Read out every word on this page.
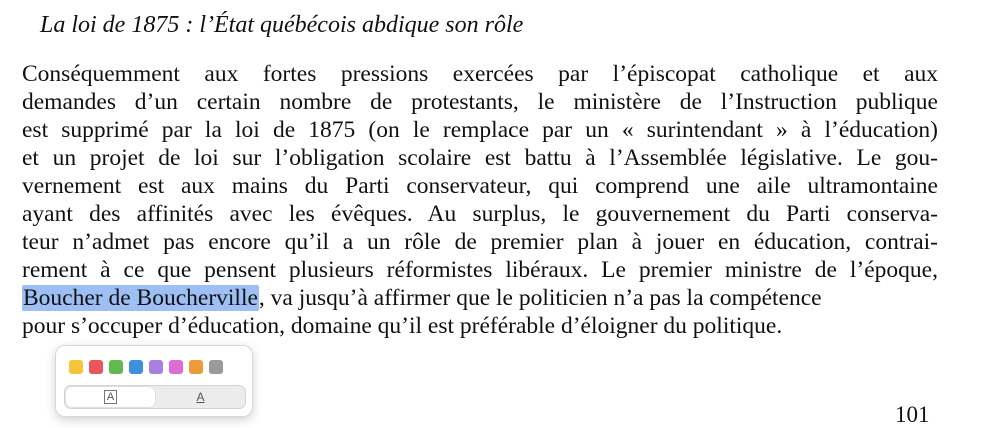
La loi de 1875 : l’État québécois abdique son rôle
Conséquemment aux fortes pressions exercées par l’épiscopat catholique et aux
demandes d’un certain nombre de protestants, le ministère de l’Instruction publique
est supprimé par la loi de 1875 (on le remplace par un « surintendant » à l’éducation)
et un projet de loi sur l’obligation scolaire est battu à l’Assemblée législative. Le gou-
vernement est aux mains du Parti conservateur, qui comprend une aile ultramontaine
ayant des affinités avec les évêques. Au surplus, le gouvernement du Parti conserva-
teur n’admet pas encore qu’il a un rôle de premier plan à jouer en éducation, contrai-
rement à ce que pensent plusieurs réformistes libéraux. Le premier ministre de l’époque,
Boucher de Boucherville, va jusqu’à affirmer que le politicien n’a pas la compétence
pour s’occuper d’éducation, domaine qu’il est préférable d’éloigner du politique.
A	A
101
